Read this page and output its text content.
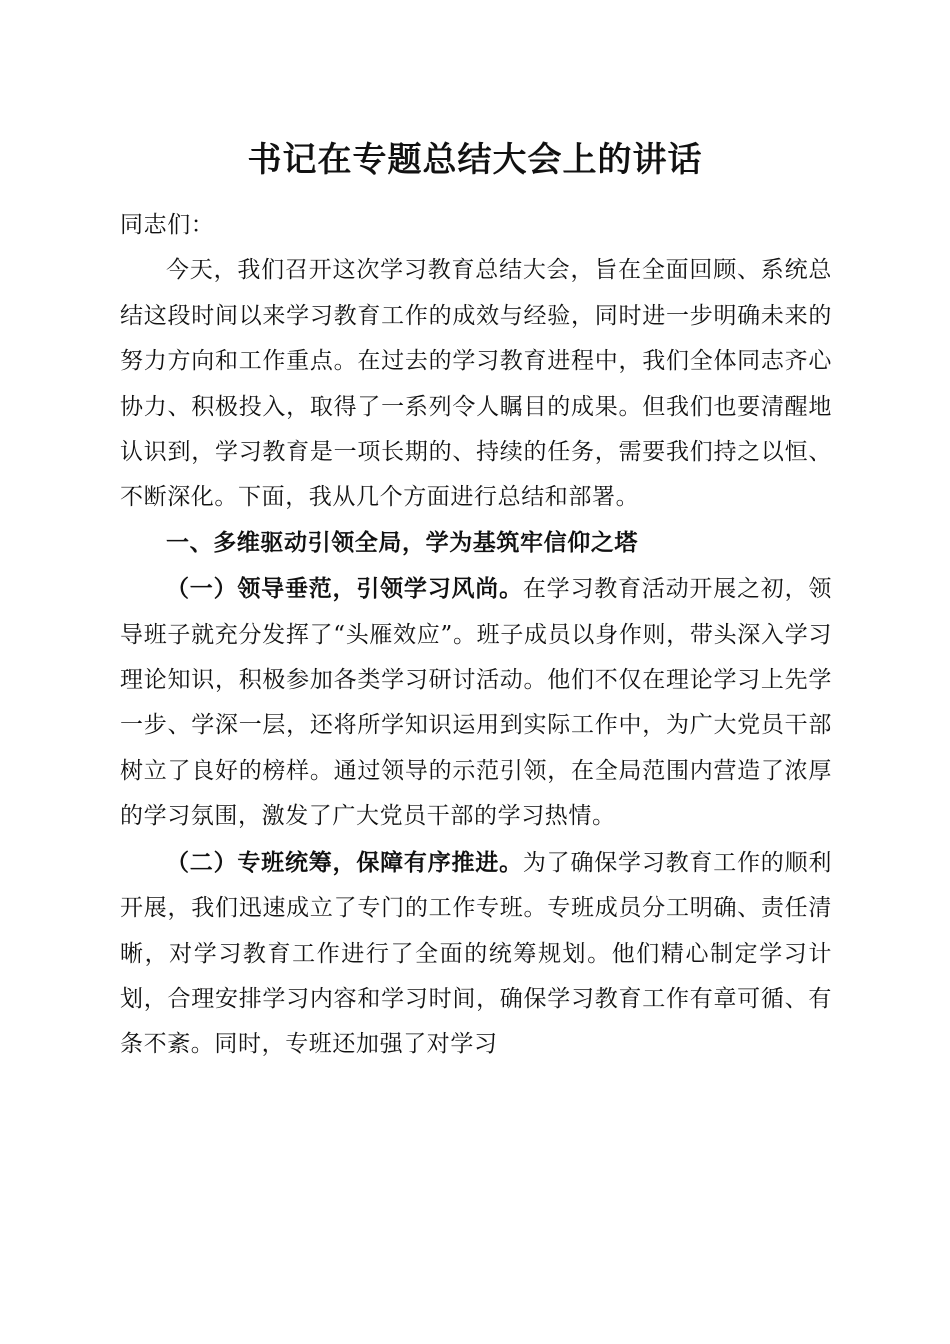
书记在专题总结大会上的讲话

同志们：

今天，我们召开这次学习教育总结大会，旨在全面回顾、系统总结这段时间以来学习教育工作的成效与经验，同时进一步明确未来的努力方向和工作重点。在过去的学习教育进程中，我们全体同志齐心协力、积极投入，取得了一系列令人瞩目的成果。但我们也要清醒地认识到，学习教育是一项长期的、持续的任务，需要我们持之以恒、不断深化。下面，我从几个方面进行总结和部署。

一、多维驱动引领全局，学为基筑牢信仰之塔

（一）领导垂范，引领学习风尚。在学习教育活动开展之初，领导班子就充分发挥了“头雁效应”。班子成员以身作则，带头深入学习理论知识，积极参加各类学习研讨活动。他们不仅在理论学习上先学一步、学深一层，还将所学知识运用到实际工作中，为广大党员干部树立了良好的榜样。通过领导的示范引领，在全局范围内营造了浓厚的学习氛围，激发了广大党员干部的学习热情。

（二）专班统筹，保障有序推进。为了确保学习教育工作的顺利开展，我们迅速成立了专门的工作专班。专班成员分工明确、责任清晰，对学习教育工作进行了全面的统筹规划。他们精心制定学习计划，合理安排学习内容和学习时间，确保学习教育工作有章可循、有条不紊。同时，专班还加强了对学习
